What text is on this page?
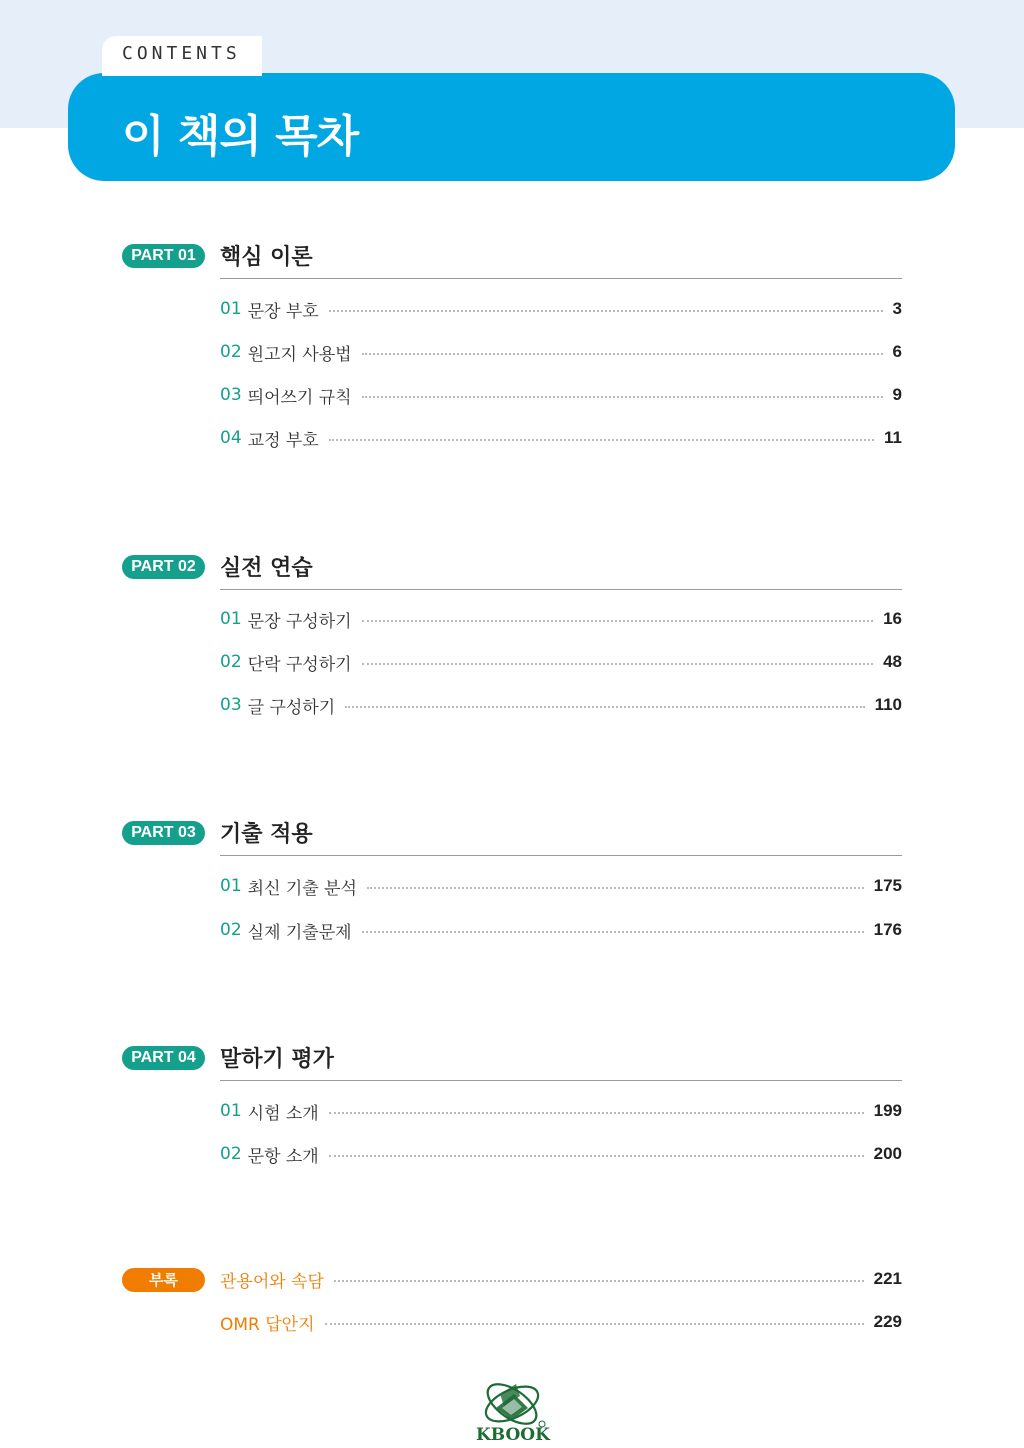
CONTENTS
이 책의 목차
PART 01	핵심 이론
01 문장 부호	3
02 원고지 사용법	6
03 띄어쓰기 규칙	9
04 교정 부호	11
PART 02	실전 연습
01 문장 구성하기	16
02 단락 구성하기	48
03 글 구성하기	110
PART 03	기출 적용
01 최신 기출 분석	175
02 실제 기출문제	176
PART 04	말하기 평가
01 시험 소개	199
02 문항 소개	200
부록	관용어와 속담	221
OMR 답안지	229
KBOOK
